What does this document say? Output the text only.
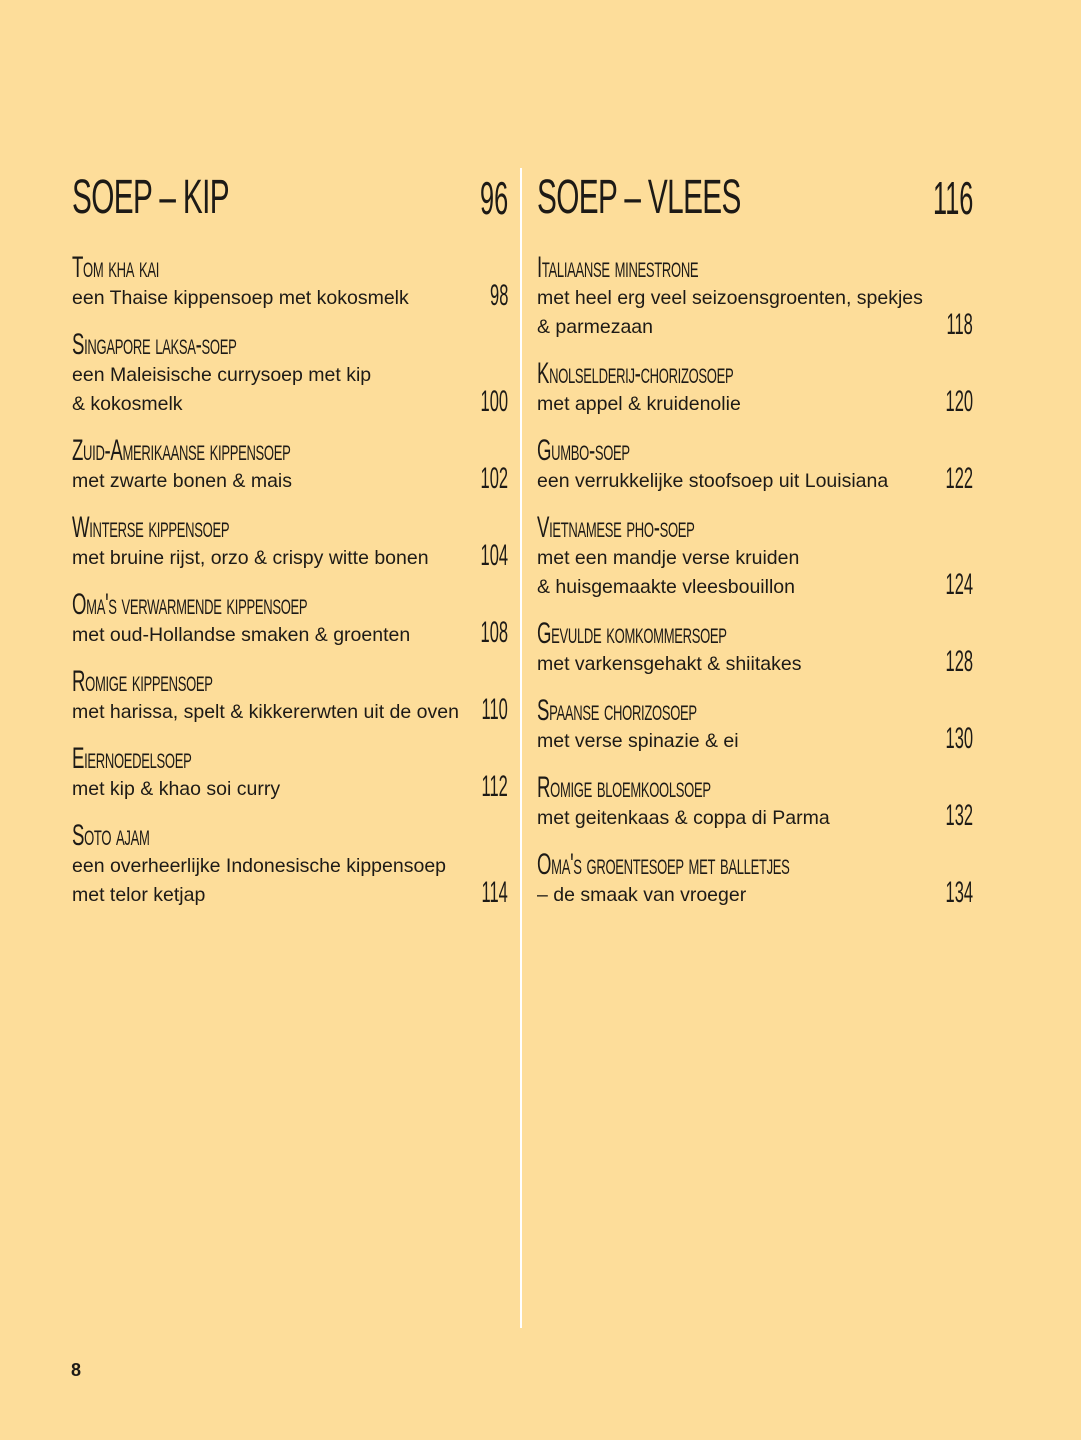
SOEP – KIP	96
Tom kha kai
een Thaise kippensoep met kokosmelk	98
Singapore laksa-soep
een Maleisische currysoep met kip
& kokosmelk	100
Zuid-Amerikaanse kippensoep
met zwarte bonen & mais	102
Winterse kippensoep
met bruine rijst, orzo & crispy witte bonen	104
Oma's verwarmende kippensoep
met oud-Hollandse smaken & groenten	108
Romige kippensoep
met harissa, spelt & kikkererwten uit de oven 110
Eiernoedelsoep
met kip & khao soi curry	112
Soto ajam
een overheerlijke Indonesische kippensoep
met telor ketjap	114
SOEP – VLEES	116
Italiaanse minestrone
met heel erg veel seizoensgroenten, spekjes
& parmezaan	118
Knolselderij-chorizosoep
met appel & kruidenolie	120
Gumbo-soep
een verrukkelijke stoofsoep uit Louisiana	122
Vietnamese pho-soep
met een mandje verse kruiden
& huisgemaakte vleesbouillon	124
Gevulde komkommersoep
met varkensgehakt & shiitakes	128
Spaanse chorizosoep
met verse spinazie & ei	130
Romige bloemkoolsoep
met geitenkaas & coppa di Parma	132
Oma's groentesoep met balletjes
– de smaak van vroeger	134
8
